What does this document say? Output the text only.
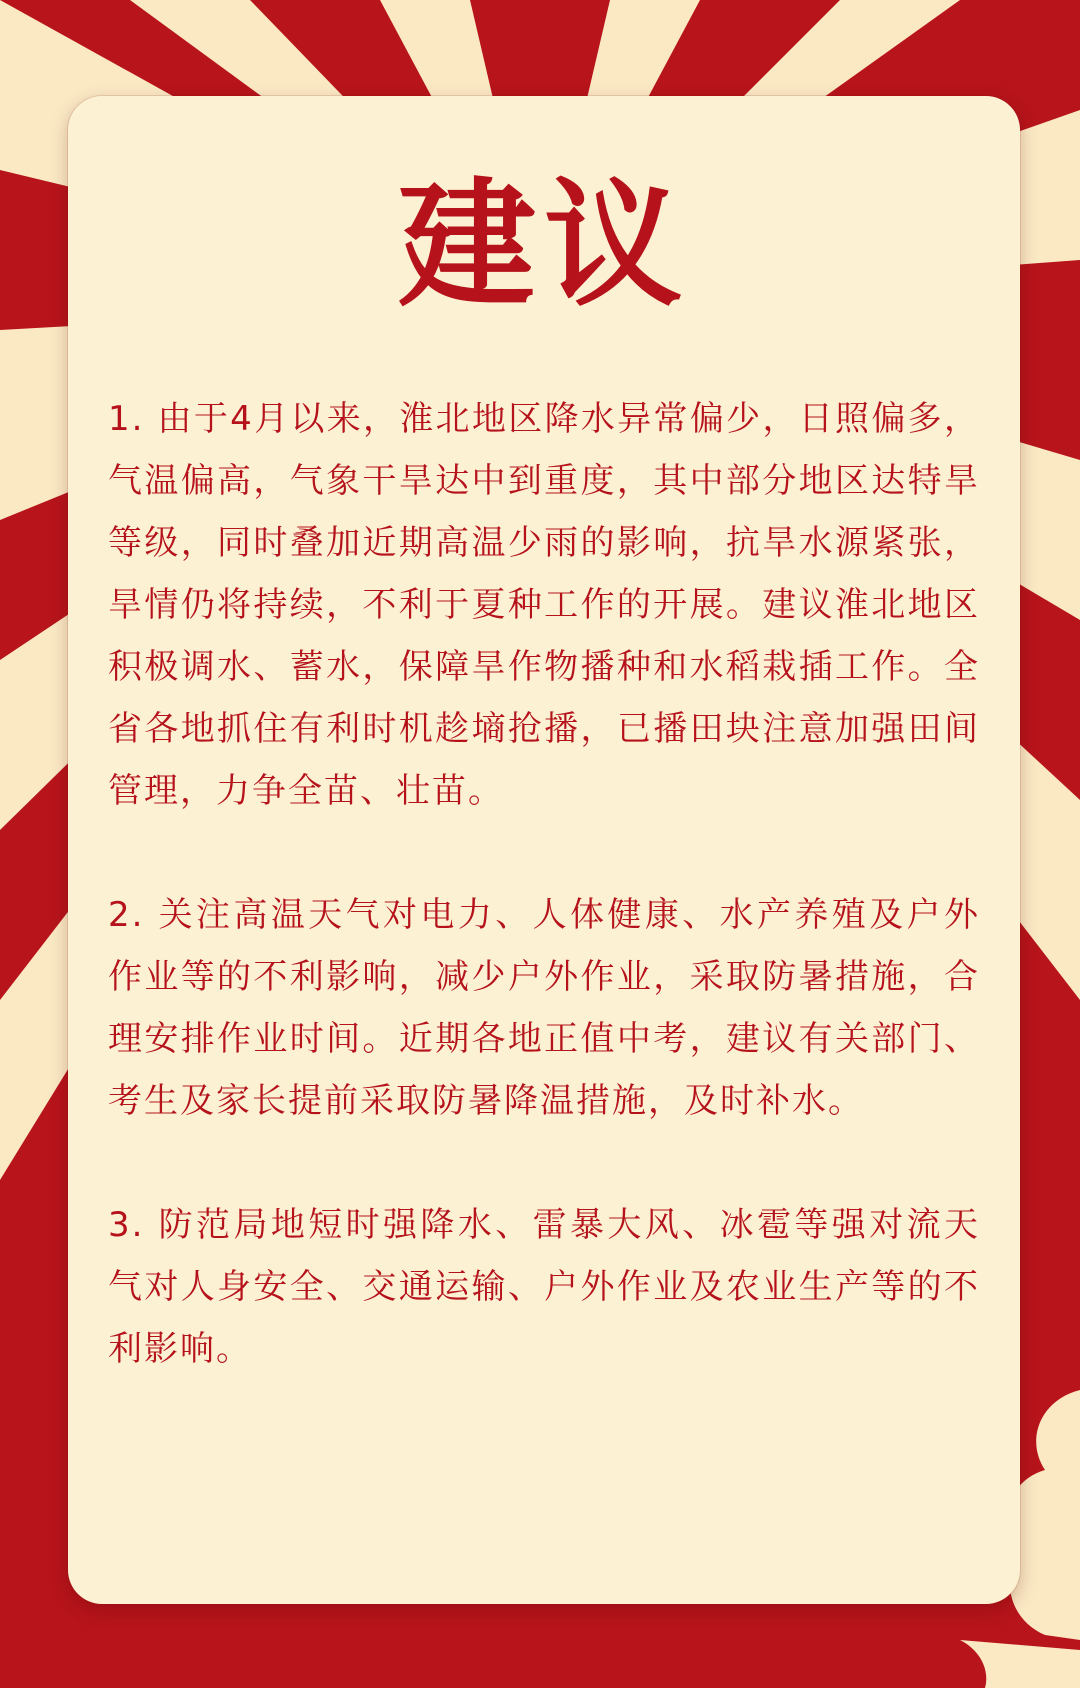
建议

1. 由于4月以来，淮北地区降水异常偏少，日照偏多，气温偏高，气象干旱达中到重度，其中部分地区达特旱等级，同时叠加近期高温少雨的影响，抗旱水源紧张，旱情仍将持续，不利于夏种工作的开展。建议淮北地区积极调水、蓄水，保障旱作物播种和水稻栽插工作。全省各地抓住有利时机趁墒抢播，已播田块注意加强田间管理，力争全苗、壮苗。

2. 关注高温天气对电力、人体健康、水产养殖及户外作业等的不利影响，减少户外作业，采取防暑措施，合理安排作业时间。近期各地正值中考，建议有关部门、考生及家长提前采取防暑降温措施，及时补水。

3. 防范局地短时强降水、雷暴大风、冰雹等强对流天气对人身安全、交通运输、户外作业及农业生产等的不利影响。
